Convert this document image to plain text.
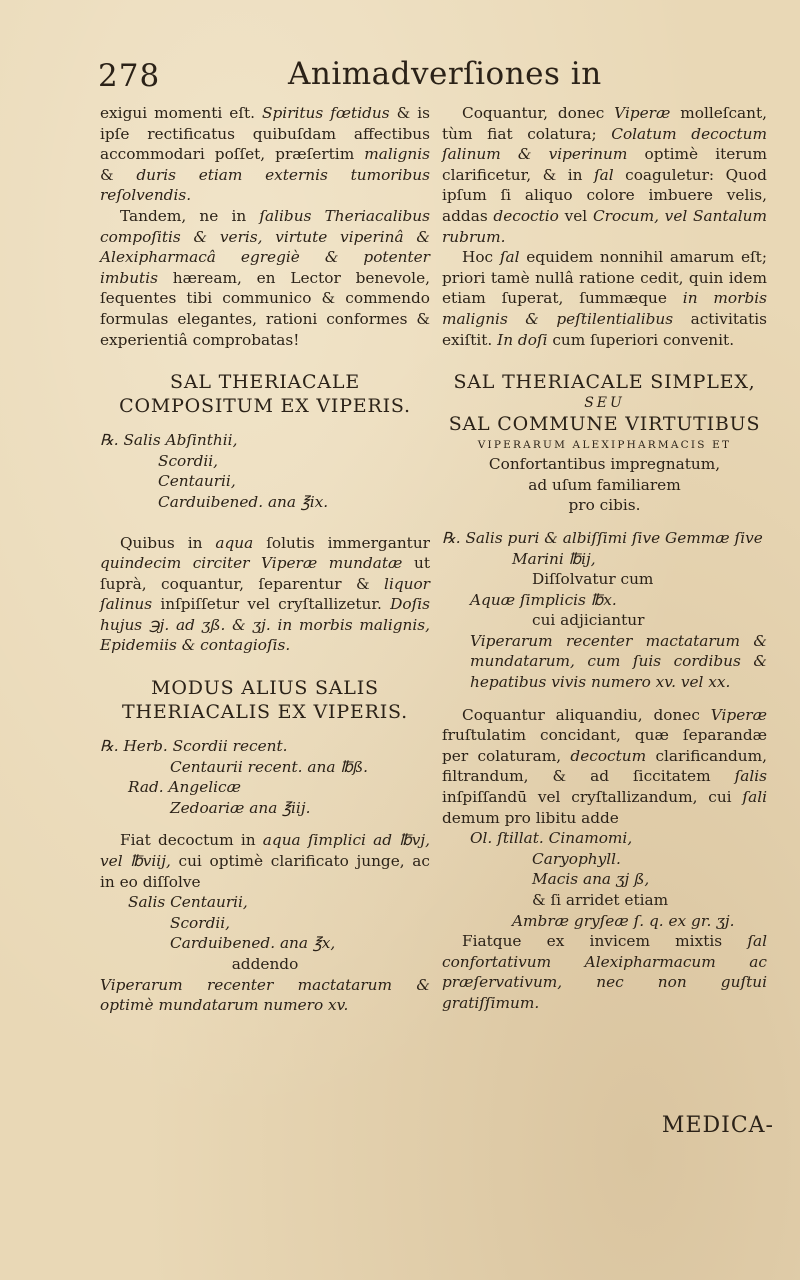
278	Animadverſiones in

exigui momenti eſt. Spiritus fœtidus & is ipſe rectificatus quibuſdam affectibus accommodari poſſet, præſertim malignis & duris etiam externis tumoribus reſolvendis.

Tandem, ne in ſalibus Theriacalibus compoſitis & veris, virtute viperinâ & Alexipharmacâ egregiè & potenter imbutis hæream, en Lector benevole, ſequentes tibi communico & commendo formulas elegantes, rationi conformes & experientiâ comprobatas!

SAL THERIACALE COMPOSITUM EX VIPERIS.

℞. Salis Abſinthii,

Scordii,

Centaurii,

Carduibened. ana ℥ix.

Quibus in aqua ſolutis immergantur quindecim circiter Viperæ mundatæ ut ſuprà, coquantur, ſeparentur & liquor ſalinus inſpiſſetur vel cryſtallizetur. Doſis hujus ℈j. ad ʒß. & ʒj. in morbis malignis, Epidemiis & contagioſis.

MODUS ALIUS SALIS THERIACALIS EX VIPERIS.

℞. Herb. Scordii recent.

Centaurii recent. ana ℔ß.

Rad. Angelicæ

Zedoariæ ana ℥iij.

Fiat decoctum in aqua ſimplici ad ℔vj, vel ℔viij, cui optimè clarificato junge, ac in eo diſſolve

Salis Centaurii,

Scordii,

Carduibened. ana ℥x,

addendo

Viperarum recenter mactatarum & optimè mundatarum numero xv.

Coquantur, donec Viperæ molleſcant, tùm fiat colatura; Colatum decoctum ſalinum & viperinum optimè iterum clarificetur, & in ſal coaguletur: Quod ipſum ſi aliquo colore imbuere velis, addas decoctio vel Crocum, vel Santalum rubrum.

Hoc ſal equidem nonnihil amarum eſt; priori tamè nullâ ratione cedit, quin idem etiam ſuperat, ſummæque in morbis malignis & peſtilentialibus activitatis exiſtit. In doſi cum ſuperiori convenit.

SAL THERIACALE SIMPLEX,

SEU

SAL COMMUNE VIRTUTIBUS

VIPERARUM ALEXIPHARMACIS ET

Confortantibus impregnatum,

ad uſum familiarem

pro cibis.

℞. Salis puri & albiſſimi ſive Gemmæ ſive

Marini ℔ij,

Diſſolvatur cum

Aquæ ſimplicis ℔x.

cui adjiciantur

Viperarum recenter mactatarum & mundatarum, cum ſuis cordibus & hepatibus vivis numero xv. vel xx.

Coquantur aliquandiu, donec Viperæ fruſtulatim concidant, quæ ſeparandæ per colaturam, decoctum clarificandum, filtrandum, & ad ſiccitatem ſalis inſpiſſandū vel cryſtallizandum, cui ſali demum pro libitu adde

Ol. ſtillat. Cinamomi,

Caryophyll.

Macis ana ʒj ß,

& ſi arridet etiam

Ambræ gryſeæ ſ. q. ex gr. ʒj.

Fiatque ex invicem mixtis ſal confortativum Alexipharmacum ac præſervativum, nec non guſtui gratiſſimum.

MEDICA-
